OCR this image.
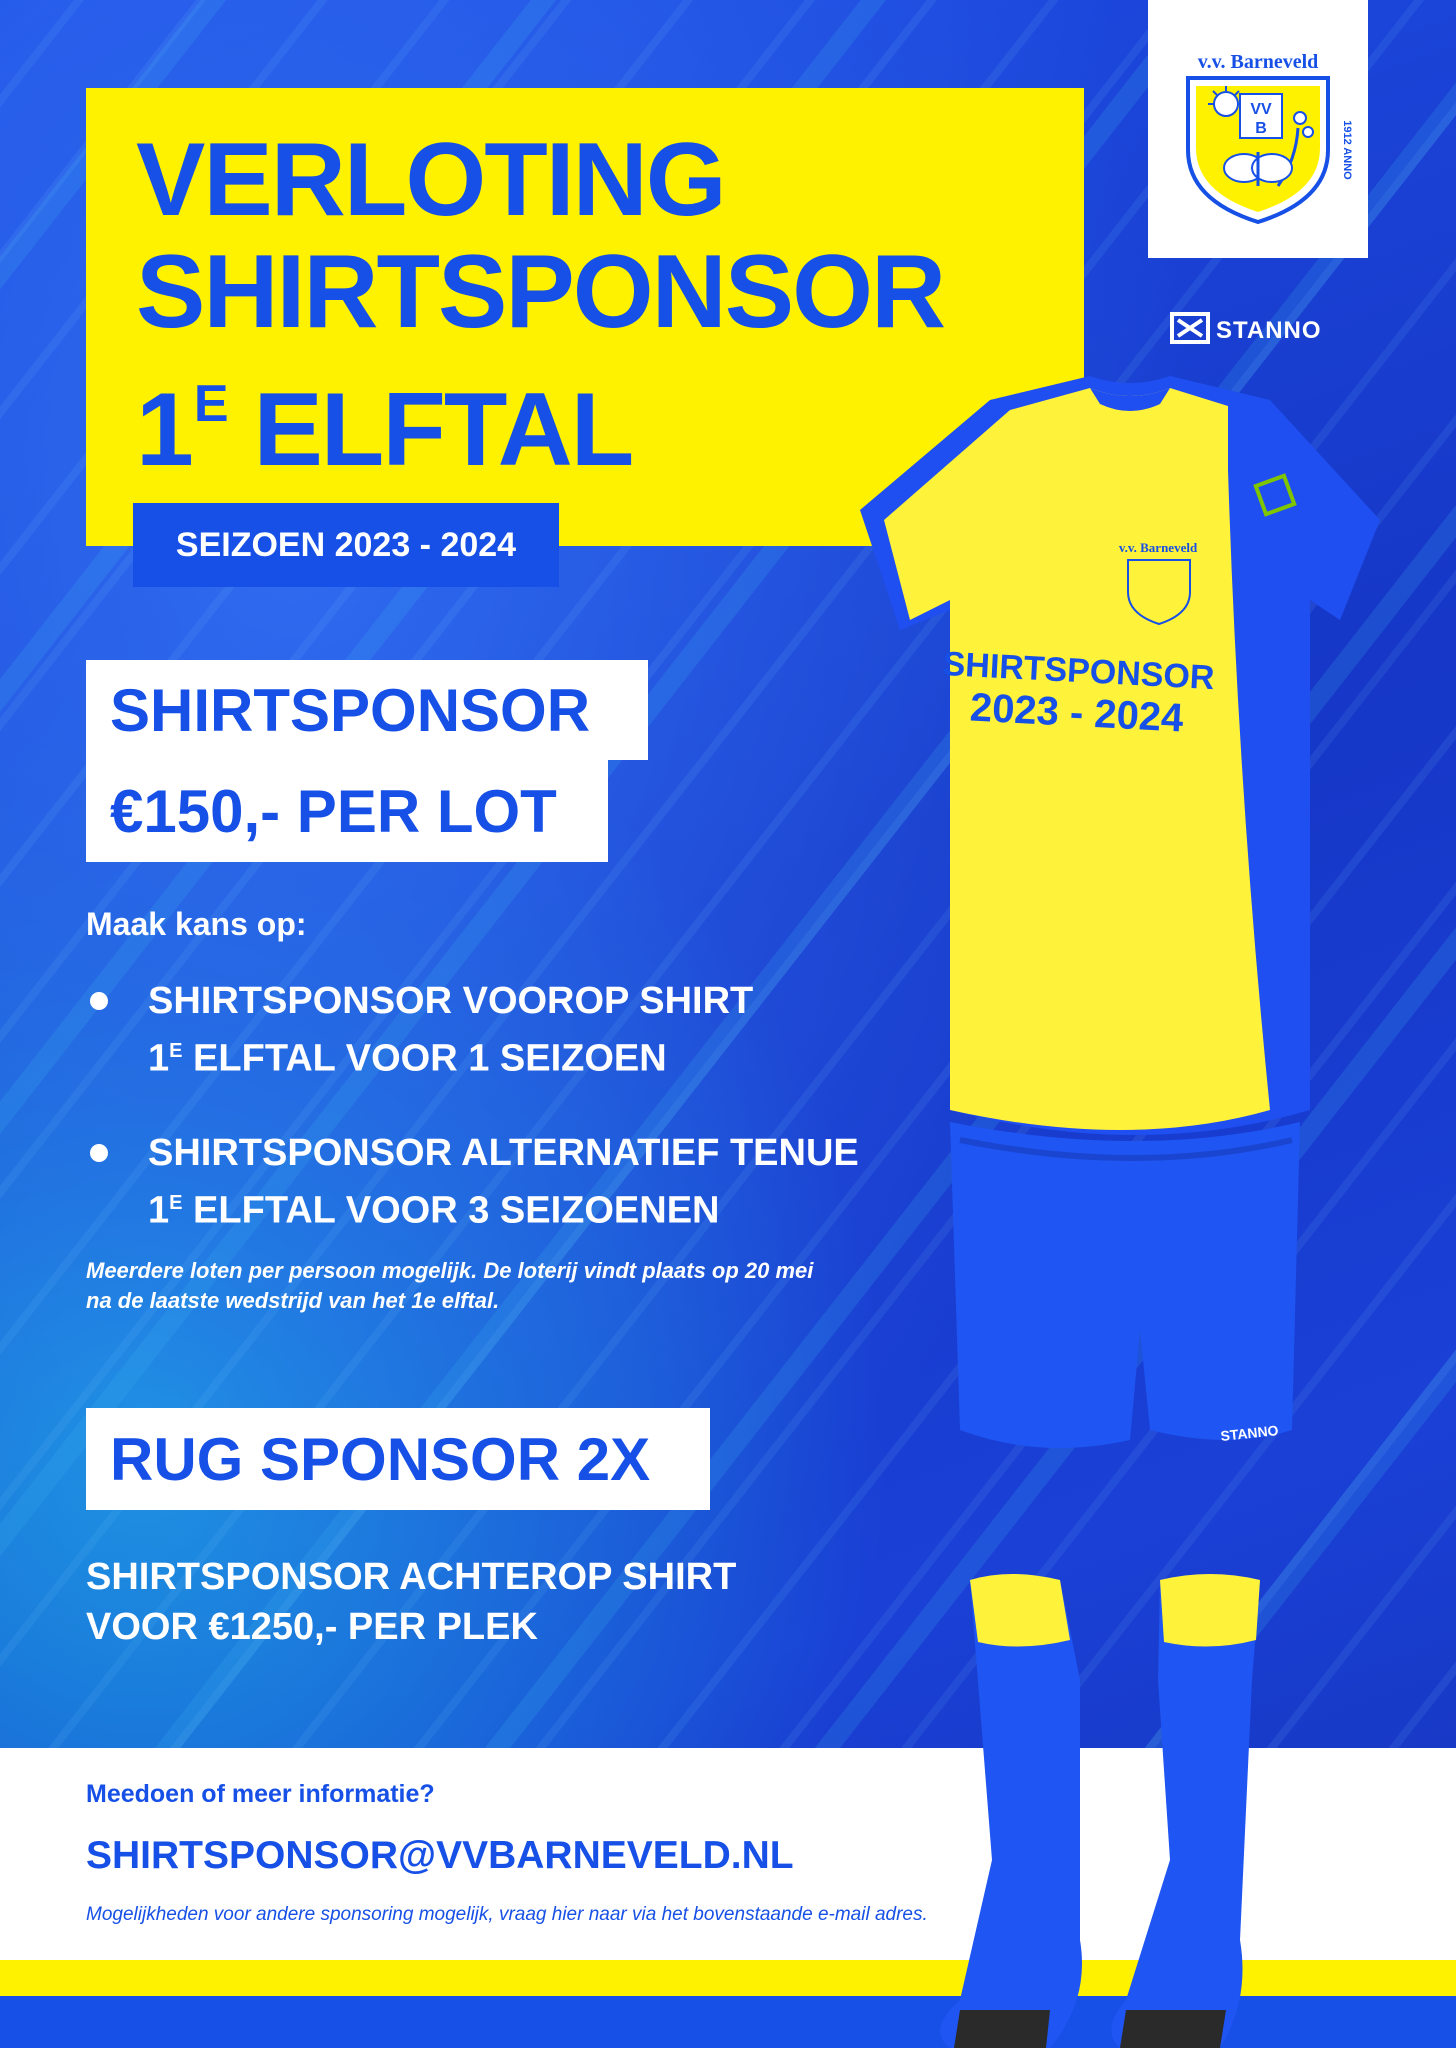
VERLOTING
SHIRTSPONSOR
$1^E$ ELFTAL
SEIZOEN 2023 - 2024
SHIRTSPONSOR
€150,- PER LOT
Maak kans op:
SHIRTSPONSOR VOOROP SHIRT
$1^E$ ELFTAL VOOR 1 SEIZOEN
SHIRTSPONSOR ALTERNATIEF TENUE
$1^E$ ELFTAL VOOR 3 SEIZOENEN
Meerdere loten per persoon mogelijk. De loterij vindt plaats op 20 mei
na de laatste wedstrijd van het 1e elftal.
RUG SPONSOR 2X
SHIRTSPONSOR ACHTEROP SHIRT
VOOR €1250,- PER PLEK
v.v. Barneveld
VV
B	1912 ANNO
STANNO
v.v. Barneveld
SHIRTSPONSOR
2023 - 2024
STANNO
Meedoen of meer informatie?
SHIRTSPONSOR@VVBARNEVELD.NL
Mogelijkheden voor andere sponsoring mogelijk, vraag hier naar via het bovenstaande e-mail adres.
